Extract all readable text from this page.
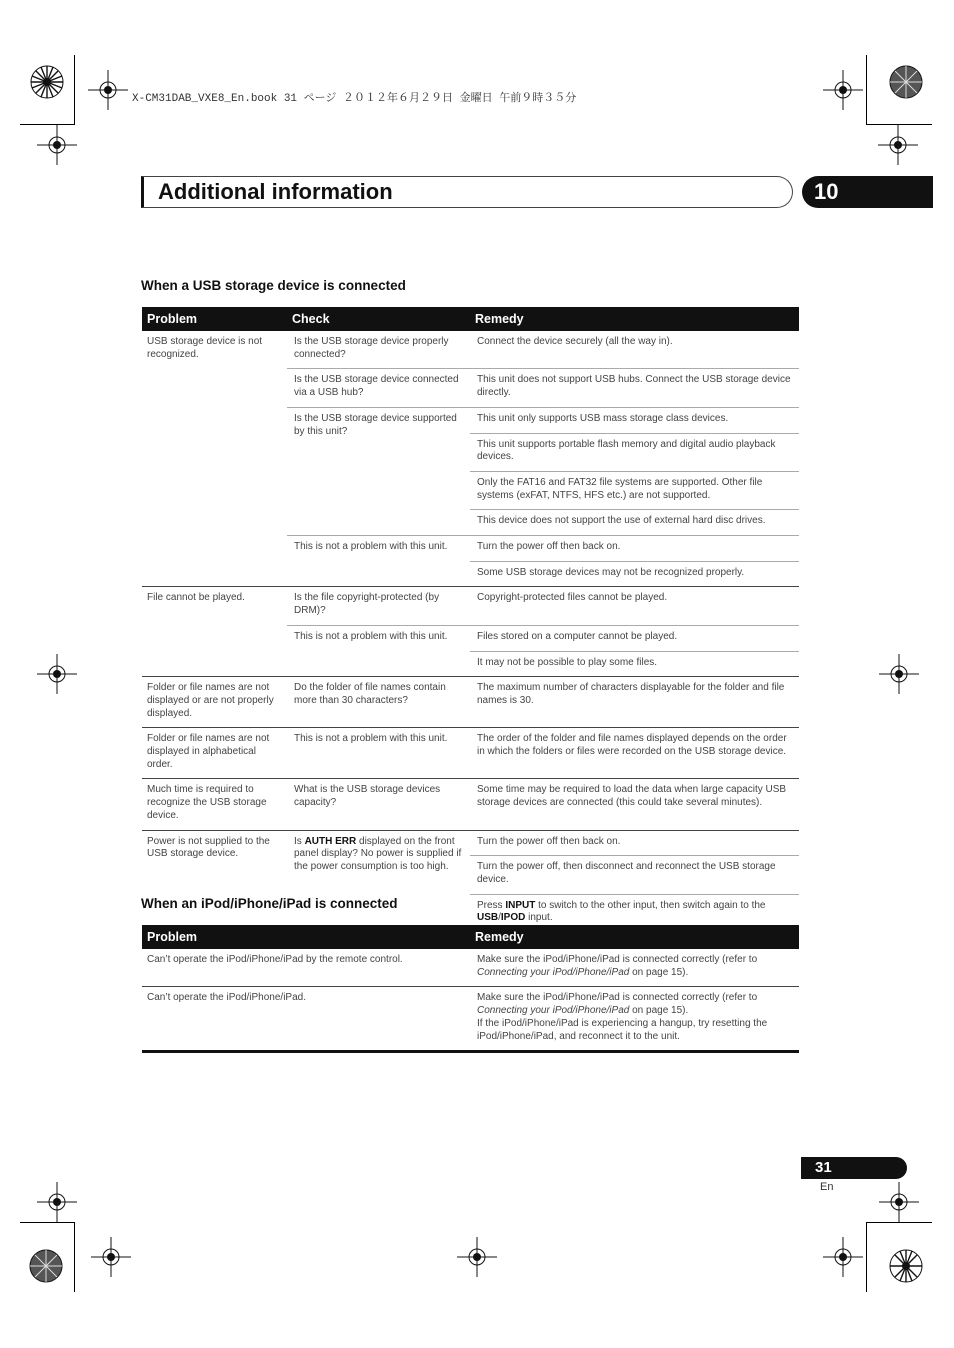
X-CM31DAB_VXE8_En.book 31 ページ ２０１２年６月２９日 金曜日 午前９時３５分
Additional information	10
When a USB storage device is connected
Problem	Check	Remedy
USB storage device is not recognized.	Is the USB storage device properly connected?	Connect the device securely (all the way in).
	Is the USB storage device connected via a USB hub?	This unit does not support USB hubs. Connect the USB storage device directly.
	Is the USB storage device supported by this unit?	This unit only supports USB mass storage class devices.
		This unit supports portable flash memory and digital audio playback devices.
		Only the FAT16 and FAT32 file systems are supported. Other file systems (exFAT, NTFS, HFS etc.) are not supported.
		This device does not support the use of external hard disc drives.
	This is not a problem with this unit.	Turn the power off then back on.
		Some USB storage devices may not be recognized properly.
File cannot be played.	Is the file copyright-protected (by DRM)?	Copyright-protected files cannot be played.
	This is not a problem with this unit.	Files stored on a computer cannot be played.
		It may not be possible to play some files.
Folder or file names are not displayed or are not properly displayed.	Do the folder of file names contain more than 30 characters?	The maximum number of characters displayable for the folder and file names is 30.
Folder or file names are not displayed in alphabetical order.	This is not a problem with this unit.	The order of the folder and file names displayed depends on the order in which the folders or files were recorded on the USB storage device.
Much time is required to recognize the USB storage device.	What is the USB storage devices capacity?	Some time may be required to load the data when large capacity USB storage devices are connected (this could take several minutes).
Power is not supplied to the USB storage device.	Is AUTH ERR displayed on the front panel display? No power is supplied if the power consumption is too high.	Turn the power off then back on.
		Turn the power off, then disconnect and reconnect the USB storage device.
		Press INPUT to switch to the other input, then switch again to the USB/IPOD input.
When an iPod/iPhone/iPad is connected
Problem	Remedy
Can’t operate the iPod/iPhone/iPad by the remote control.	Make sure the iPod/iPhone/iPad is connected correctly (refer to Connecting your iPod/iPhone/iPad on page 15).
Can’t operate the iPod/iPhone/iPad.	Make sure the iPod/iPhone/iPad is connected correctly (refer to Connecting your iPod/iPhone/iPad on page 15).
If the iPod/iPhone/iPad is experiencing a hangup, try resetting the iPod/iPhone/iPad, and reconnect it to the unit.
31
En
